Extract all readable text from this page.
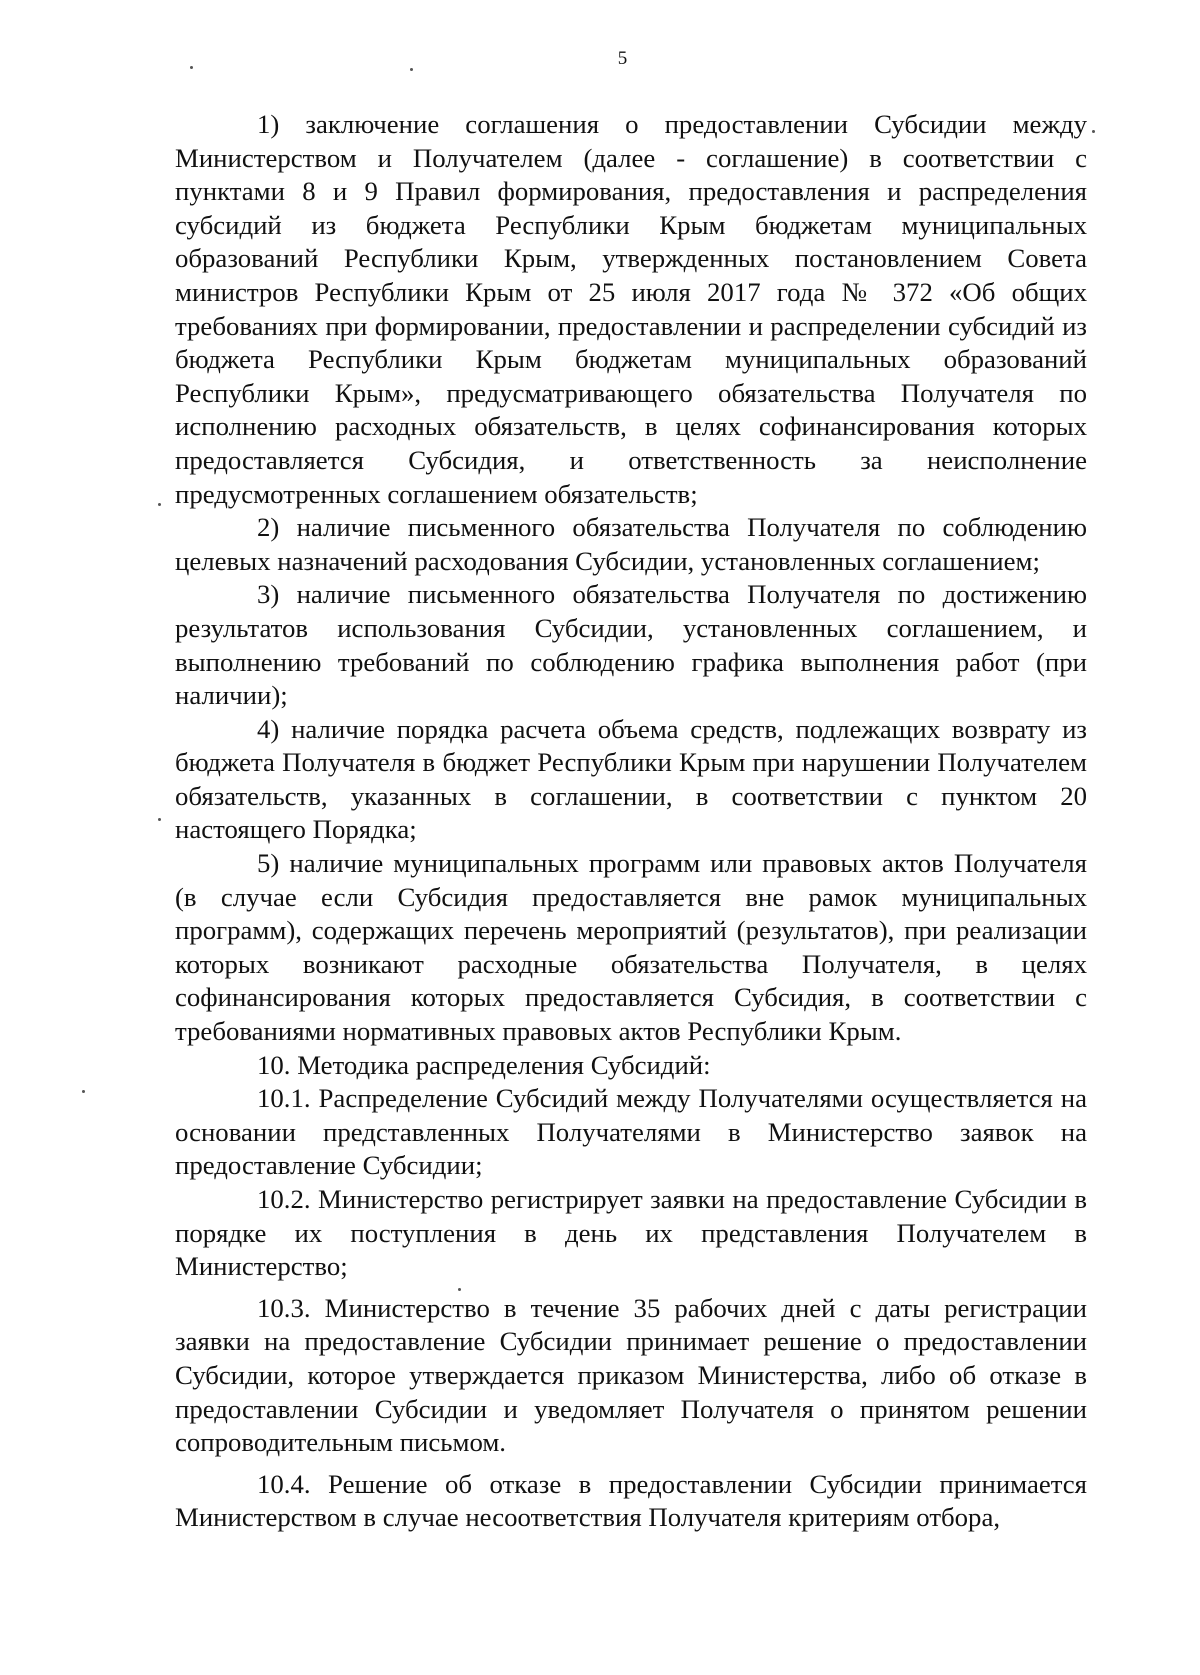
5

1) заключение соглашения о предоставлении Субсидии между Министерством и Получателем (далее - соглашение) в соответствии с пунктами 8 и 9 Правил формирования, предоставления и распределения субсидий из бюджета Республики Крым бюджетам муниципальных образований Республики Крым, утвержденных постановлением Совета министров Республики Крым от 25 июля 2017 года № 372 «Об общих требованиях при формировании, предоставлении и распределении субсидий из бюджета Республики Крым бюджетам муниципальных образований Республики Крым», предусматривающего обязательства Получателя по исполнению расходных обязательств, в целях софинансирования которых предоставляется Субсидия, и ответственность за неисполнение предусмотренных соглашением обязательств;

2) наличие письменного обязательства Получателя по соблюдению целевых назначений расходования Субсидии, установленных соглашением;

3) наличие письменного обязательства Получателя по достижению результатов использования Субсидии, установленных соглашением, и выполнению требований по соблюдению графика выполнения работ (при наличии);

4) наличие порядка расчета объема средств, подлежащих возврату из бюджета Получателя в бюджет Республики Крым при нарушении Получателем обязательств, указанных в соглашении, в соответствии с пунктом 20 настоящего Порядка;

5) наличие муниципальных программ или правовых актов Получателя (в случае если Субсидия предоставляется вне рамок муниципальных программ), содержащих перечень мероприятий (результатов), при реализации которых возникают расходные обязательства Получателя, в целях софинансирования которых предоставляется Субсидия, в соответствии с требованиями нормативных правовых актов Республики Крым.

10. Методика распределения Субсидий:

10.1. Распределение Субсидий между Получателями осуществляется на основании представленных Получателями в Министерство заявок на предоставление Субсидии;

10.2. Министерство регистрирует заявки на предоставление Субсидии в порядке их поступления в день их представления Получателем в Министерство;

10.3. Министерство в течение 35 рабочих дней с даты регистрации заявки на предоставление Субсидии принимает решение о предоставлении Субсидии, которое утверждается приказом Министерства, либо об отказе в предоставлении Субсидии и уведомляет Получателя о принятом решении сопроводительным письмом.

10.4. Решение об отказе в предоставлении Субсидии принимается Министерством в случае несоответствия Получателя критериям отбора,
